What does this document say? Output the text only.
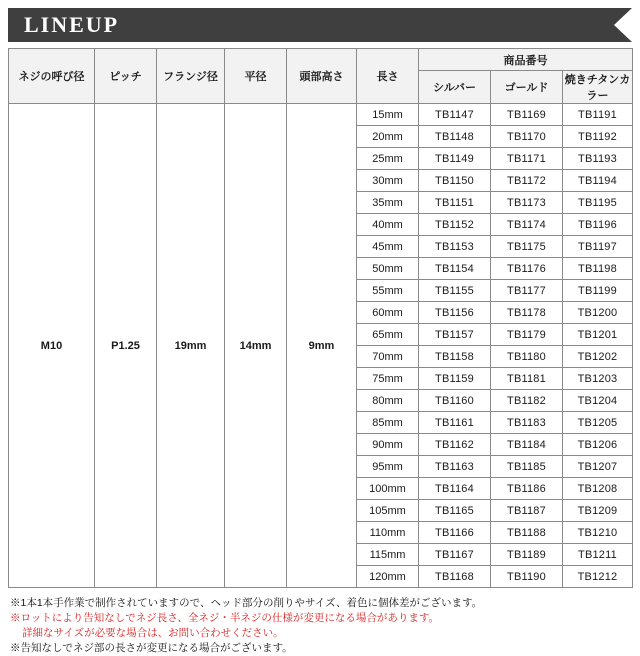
LINEUP
ネジの呼び径	ピッチ	フランジ径	平径	頭部高さ	長さ	商品番号		
						シルバー	ゴールド	焼きチタンカラー
M10	P1.25	19mm	14mm	9mm	15mm	TB1147	TB1169	TB1191
					20mm	TB1148	TB1170	TB1192
					25mm	TB1149	TB1171	TB1193
					30mm	TB1150	TB1172	TB1194
					35mm	TB1151	TB1173	TB1195
					40mm	TB1152	TB1174	TB1196
					45mm	TB1153	TB1175	TB1197
					50mm	TB1154	TB1176	TB1198
					55mm	TB1155	TB1177	TB1199
					60mm	TB1156	TB1178	TB1200
					65mm	TB1157	TB1179	TB1201
					70mm	TB1158	TB1180	TB1202
					75mm	TB1159	TB1181	TB1203
					80mm	TB1160	TB1182	TB1204
					85mm	TB1161	TB1183	TB1205
					90mm	TB1162	TB1184	TB1206
					95mm	TB1163	TB1185	TB1207
					100mm	TB1164	TB1186	TB1208
					105mm	TB1165	TB1187	TB1209
					110mm	TB1166	TB1188	TB1210
					115mm	TB1167	TB1189	TB1211
					120mm	TB1168	TB1190	TB1212
※1本1本手作業で制作されていますので、ヘッド部分の削りやサイズ、着色に個体差がございます。
※ロットにより告知なしでネジ長さ、全ネジ・半ネジの仕様が変更になる場合があります。
詳細なサイズが必要な場合は、お問い合わせください。
※告知なしでネジ部の長さが変更になる場合がございます。
